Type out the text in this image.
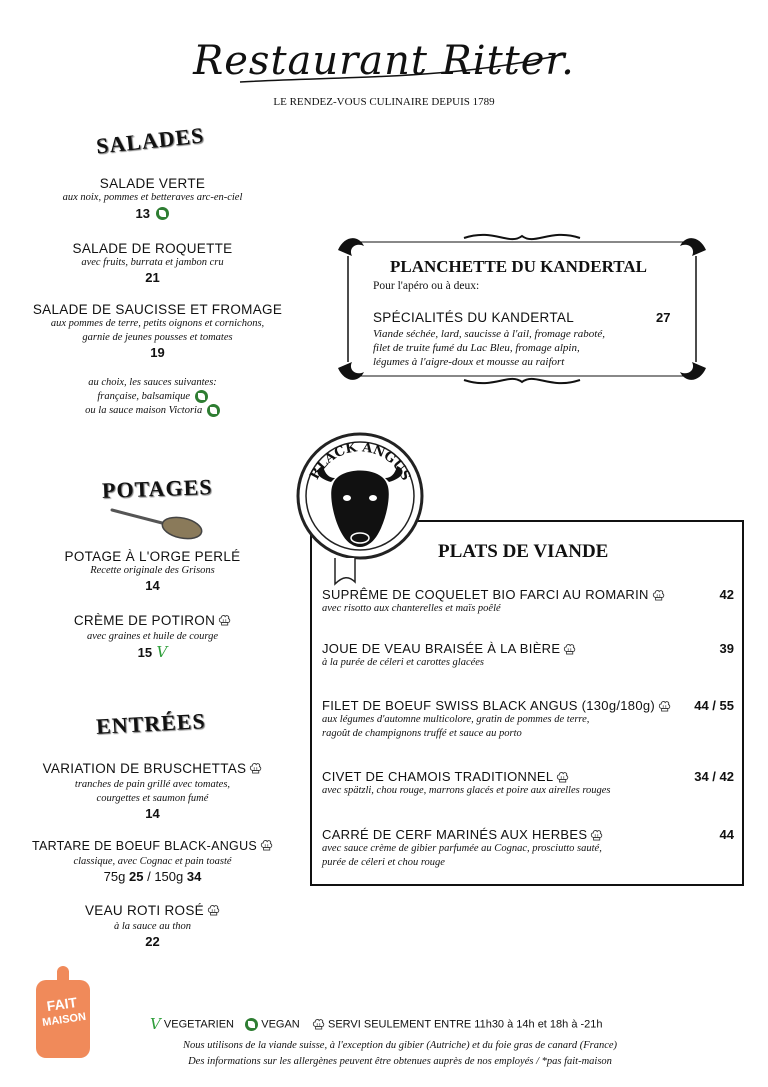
Restaurant Ritter.
LE RENDEZ-VOUS CULINAIRE DEPUIS 1789
SALADES
SALADE VERTE
aux noix, pommes et betteraves arc-en-ciel
13
SALADE DE ROQUETTE
avec fruits, burrata et jambon cru
21
SALADE DE SAUCISSE ET FROMAGE
aux pommes de terre, petits oignons et cornichons,
garnie de jeunes pousses et tomates
19
au choix, les sauces suivantes:
française, balsamique
ou la sauce maison Victoria
POTAGES
POTAGE À L'ORGE PERLÉ
Recette originale des Grisons
14
CRÈME DE POTIRON
avec graines et huile de courge
15 V
ENTRÉES
VARIATION DE BRUSCHETTAS
tranches de pain grillé avec tomates,
courgettes et saumon fumé
14
TARTARE DE BOEUF BLACK-ANGUS
classique, avec Cognac et pain toasté
75g 25 / 150g 34
VEAU ROTI ROSÉ
à la sauce au thon
22
PLANCHETTE DU KANDERTAL
Pour l'apéro ou à deux:
SPÉCIALITÉS DU KANDERTAL	27
Viande séchée, lard, saucisse à l'ail, fromage raboté,
filet de truite fumé du Lac Bleu, fromage alpin,
légumes à l'aigre-doux et mousse au raifort
BLACK ANGUS
PLATS DE VIANDE
SUPRÊME DE COQUELET BIO FARCI AU ROMARIN
avec risotto aux chanterelles et maïs poêlé
42
JOUE DE VEAU BRAISÉE À LA BIÈRE
à la purée de céleri et carottes glacées
39
FILET DE BOEUF SWISS BLACK ANGUS (130g/180g)
aux légumes d'automne multicolore, gratin de pommes de terre,
ragoût de champignons truffé et sauce au porto
44 / 55
CIVET DE CHAMOIS TRADITIONNEL
avec spätzli, chou rouge, marrons glacés et poire aux airelles rouges
34 / 42
CARRÉ DE CERF MARINÉS AUX HERBES
avec sauce crème de gibier parfumée au Cognac, prosciutto sauté,
purée de céleri et chou rouge
44
FAIT
MAISON	V VEGETARIEN VEGAN	SERVI SEULEMENT ENTRE 11h30 à 14h et 18h à -21h
Nous utilisons de la viande suisse, à l'exception du gibier (Autriche) et du foie gras de canard (France)
Des informations sur les allergènes peuvent être obtenues auprès de nos employés / *pas fait-maison
